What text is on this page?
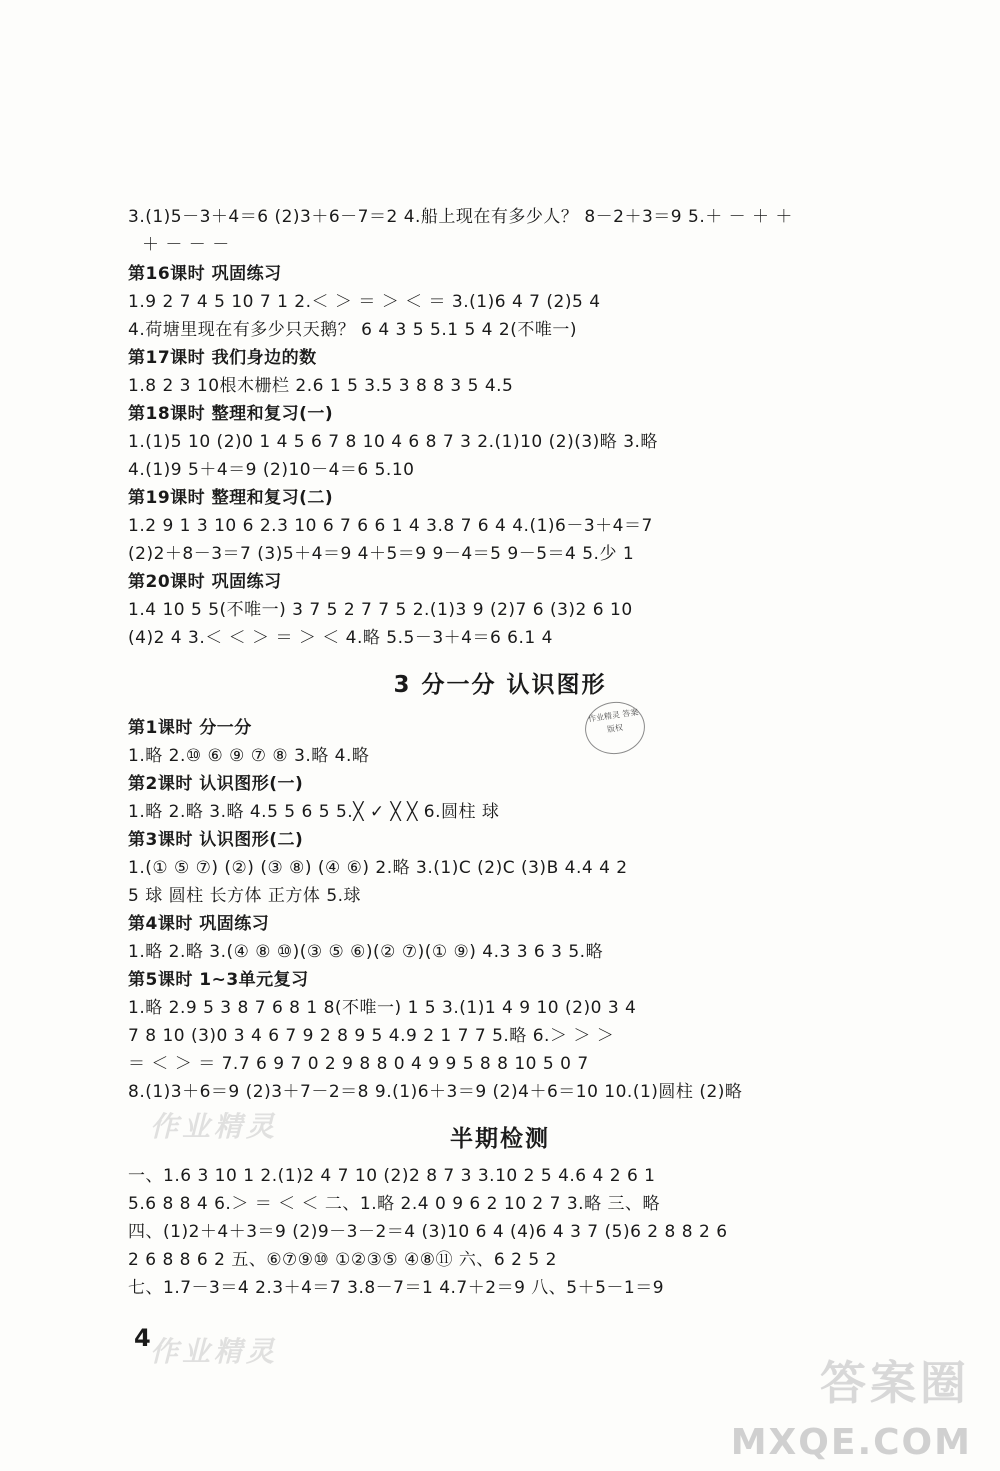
3.(1)5－3＋4＝6 (2)3＋6－7＝2 4.船上现在有多少人？ 8－2＋3＝9 5.＋ － ＋ ＋
＋ － － －
第16课时 巩固练习
1.9 2 7 4 5 10 7 1 2.＜ ＞ ＝ ＞ ＜ ＝ 3.(1)6 4 7 (2)5 4
4.荷塘里现在有多少只天鹅？ 6 4 3 5 5.1 5 4 2(不唯一)
第17课时 我们身边的数
1.8 2 3 10根木栅栏 2.6 1 5 3.5 3 8 8 3 5 4.5
第18课时 整理和复习(一)
1.(1)5 10 (2)0 1 4 5 6 7 8 10 4 6 8 7 3 2.(1)10 (2)(3)略 3.略
4.(1)9 5＋4＝9 (2)10－4＝6 5.10
第19课时 整理和复习(二)
1.2 9 1 3 10 6 2.3 10 6 7 6 6 1 4 3.8 7 6 4 4.(1)6－3＋4＝7
(2)2＋8－3＝7 (3)5＋4＝9 4＋5＝9 9－4＝5 9－5＝4 5.少 1
第20课时 巩固练习
1.4 10 5 5(不唯一) 3 7 5 2 7 7 5 2.(1)3 9 (2)7 6 (3)2 6 10
(4)2 4 3.＜ ＜ ＞ ＝ ＞ ＜ 4.略 5.5－3＋4＝6 6.1 4
3 分一分 认识图形
作业精灵 答案 版权
第1课时 分一分
1.略 2.⑩ ⑥ ⑨ ⑦ ⑧ 3.略 4.略
第2课时 认识图形(一)
1.略 2.略 3.略 4.5 5 6 5 5.╳ ✓ ╳ ╳ 6.圆柱 球
第3课时 认识图形(二)
1.(① ⑤ ⑦) (②) (③ ⑧) (④ ⑥) 2.略 3.(1)C (2)C (3)B 4.4 4 2
5 球 圆柱 长方体 正方体 5.球
第4课时 巩固练习
1.略 2.略 3.(④ ⑧ ⑩)(③ ⑤ ⑥)(② ⑦)(① ⑨) 4.3 3 6 3 5.略
第5课时 1~3单元复习
1.略 2.9 5 3 8 7 6 8 1 8(不唯一) 1 5 3.(1)1 4 9 10 (2)0 3 4
7 8 10 (3)0 3 4 6 7 9 2 8 9 5 4.9 2 1 7 7 5.略 6.＞ ＞ ＞
＝ ＜ ＞ ＝ 7.7 6 9 7 0 2 9 8 8 0 4 9 9 5 8 8 10 5 0 7
8.(1)3＋6＝9 (2)3＋7－2＝8 9.(1)6＋3＝9 (2)4＋6＝10 10.(1)圆柱 (2)略
作业精灵	半期检测
一、1.6 3 10 1 2.(1)2 4 7 10 (2)2 8 7 3 3.10 2 5 4.6 4 2 6 1
5.6 8 8 4 6.＞ ＝ ＜ ＜ 二、1.略 2.4 0 9 6 2 10 2 7 3.略 三、略
四、(1)2＋4＋3＝9 (2)9－3－2＝4 (3)10 6 4 (4)6 4 3 7 (5)6 2 8 8 2 6
2 6 8 8 6 2 五、⑥⑦⑨⑩ ①②③⑤ ④⑧⑪ 六、6 2 5 2
七、1.7－3＝4 2.3＋4＝7 3.8－7＝1 4.7＋2＝9 八、5＋5－1＝9
4 作业精灵
答案圈
MXQE.COM
